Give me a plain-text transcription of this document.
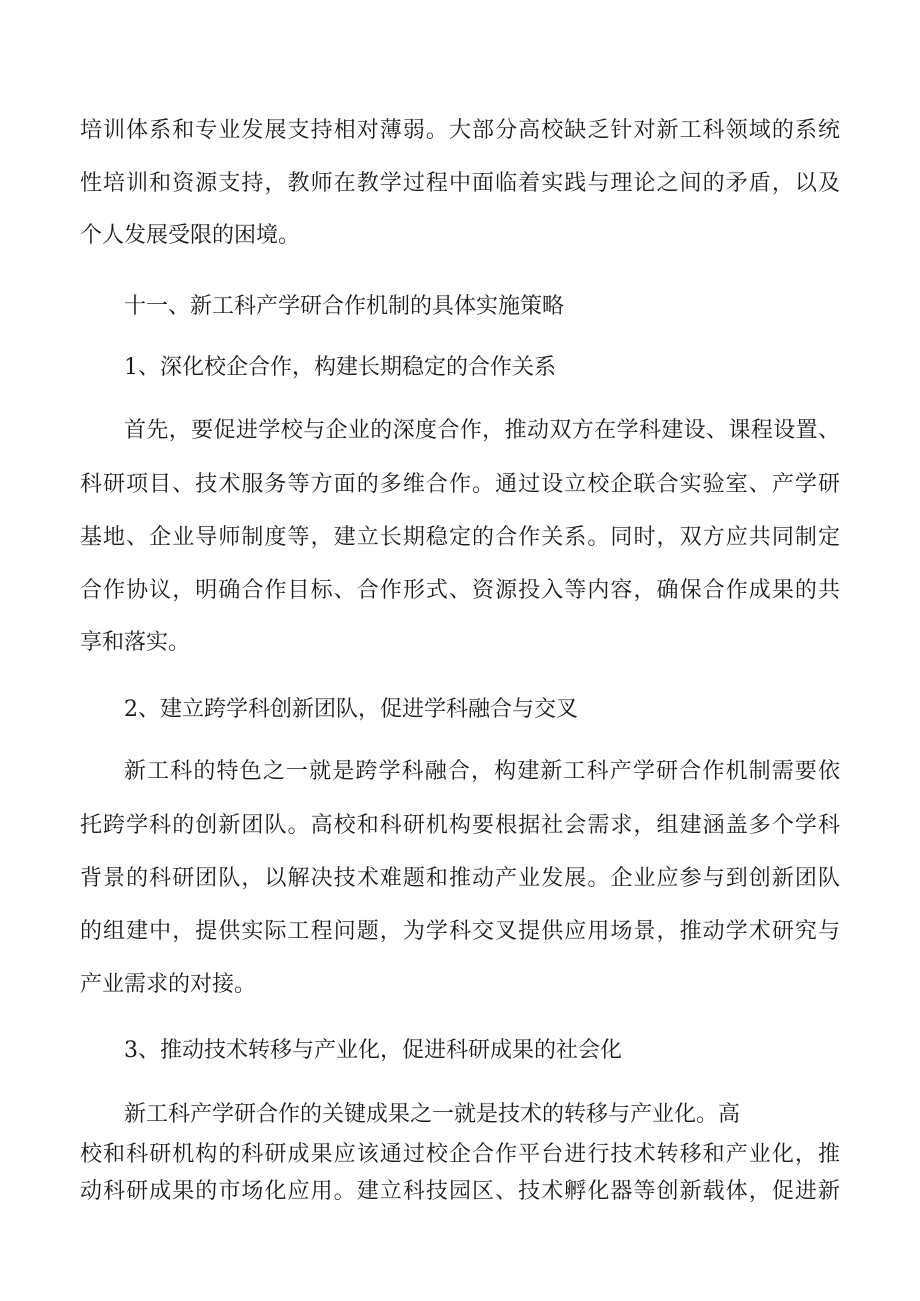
培训体系和专业发展支持相对薄弱。大部分高校缺乏针对新工科领域的系统
性培训和资源支持，教师在教学过程中面临着实践与理论之间的矛盾，以及
个人发展受限的困境。
十一、新工科产学研合作机制的具体实施策略
1、深化校企合作，构建长期稳定的合作关系
首先，要促进学校与企业的深度合作，推动双方在学科建设、课程设置、
科研项目、技术服务等方面的多维合作。通过设立校企联合实验室、产学研
基地、企业导师制度等，建立长期稳定的合作关系。同时，双方应共同制定
合作协议，明确合作目标、合作形式、资源投入等内容，确保合作成果的共
享和落实。
2、建立跨学科创新团队，促进学科融合与交叉
新工科的特色之一就是跨学科融合，构建新工科产学研合作机制需要依
托跨学科的创新团队。高校和科研机构要根据社会需求，组建涵盖多个学科
背景的科研团队，以解决技术难题和推动产业发展。企业应参与到创新团队
的组建中，提供实际工程问题，为学科交叉提供应用场景，推动学术研究与
产业需求的对接。
3、推动技术转移与产业化，促进科研成果的社会化
新工科产学研合作的关键成果之一就是技术的转移与产业化。高
校和科研机构的科研成果应该通过校企合作平台进行技术转移和产业化，推
动科研成果的市场化应用。建立科技园区、技术孵化器等创新载体，促进新
